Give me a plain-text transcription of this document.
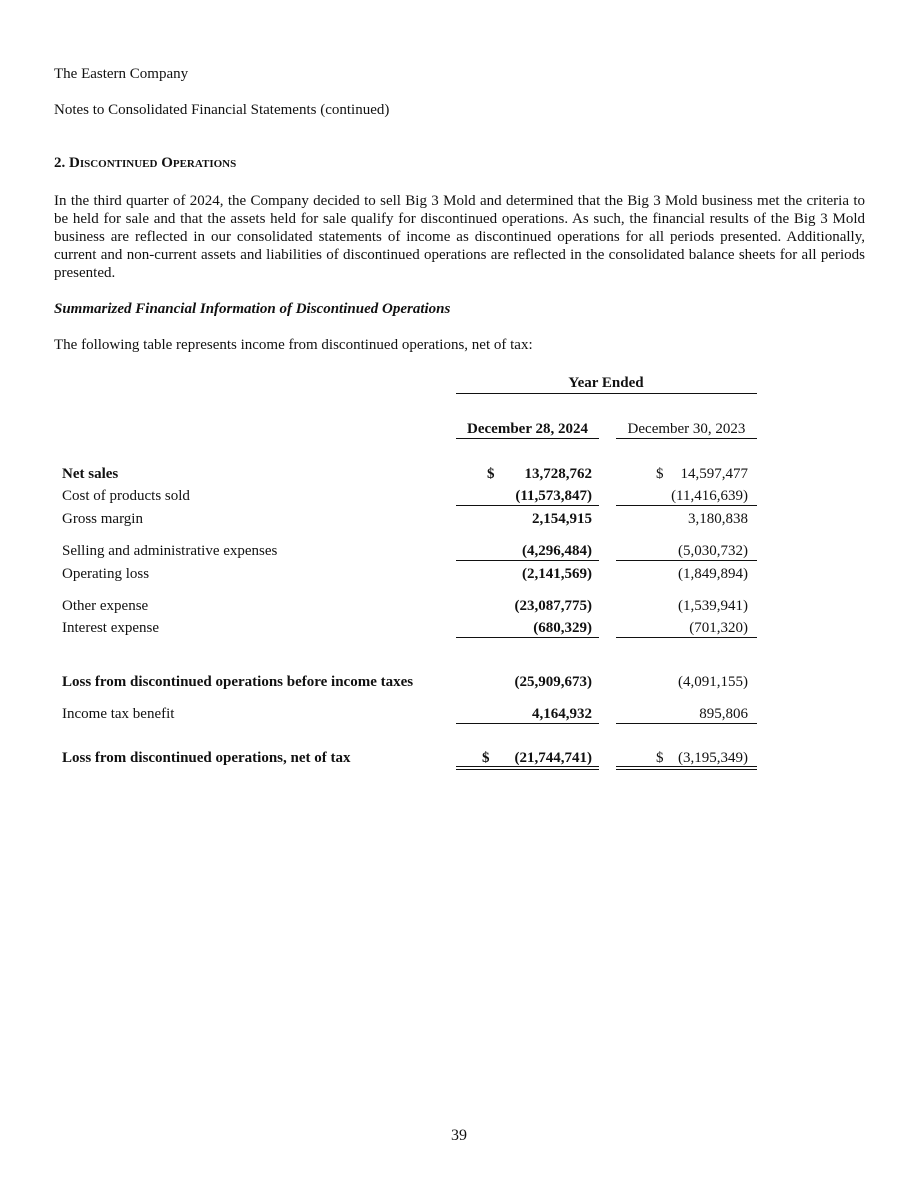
The Eastern Company
Notes to Consolidated Financial Statements (continued)
2. Discontinued Operations
In the third quarter of 2024, the Company decided to sell Big 3 Mold and determined that the Big 3 Mold business met the criteria to be held for sale and that the assets held for sale qualify for discontinued operations. As such, the financial results of the Big 3 Mold business are reflected in our consolidated statements of income as discontinued operations for all periods presented. Additionally, current and non-current assets and liabilities of discontinued operations are reflected in the consolidated balance sheets for all periods presented.
Summarized Financial Information of Discontinued Operations
The following table represents income from discontinued operations, net of tax:
Year Ended
December 28, 2024	December 30, 2023
Net sales	$	13,728,762	$	14,597,477
Cost of products sold	(11,573,847)	(11,416,639)
Gross margin	2,154,915	3,180,838
Selling and administrative expenses	(4,296,484)	(5,030,732)
Operating loss	(2,141,569)	(1,849,894)
Other expense	(23,087,775)	(1,539,941)
Interest expense	(680,329)	(701,320)
Loss from discontinued operations before income taxes	(25,909,673)	(4,091,155)
Income tax benefit	4,164,932	895,806
Loss from discontinued operations, net of tax	$	(21,744,741)	$ (3,195,349)
39
